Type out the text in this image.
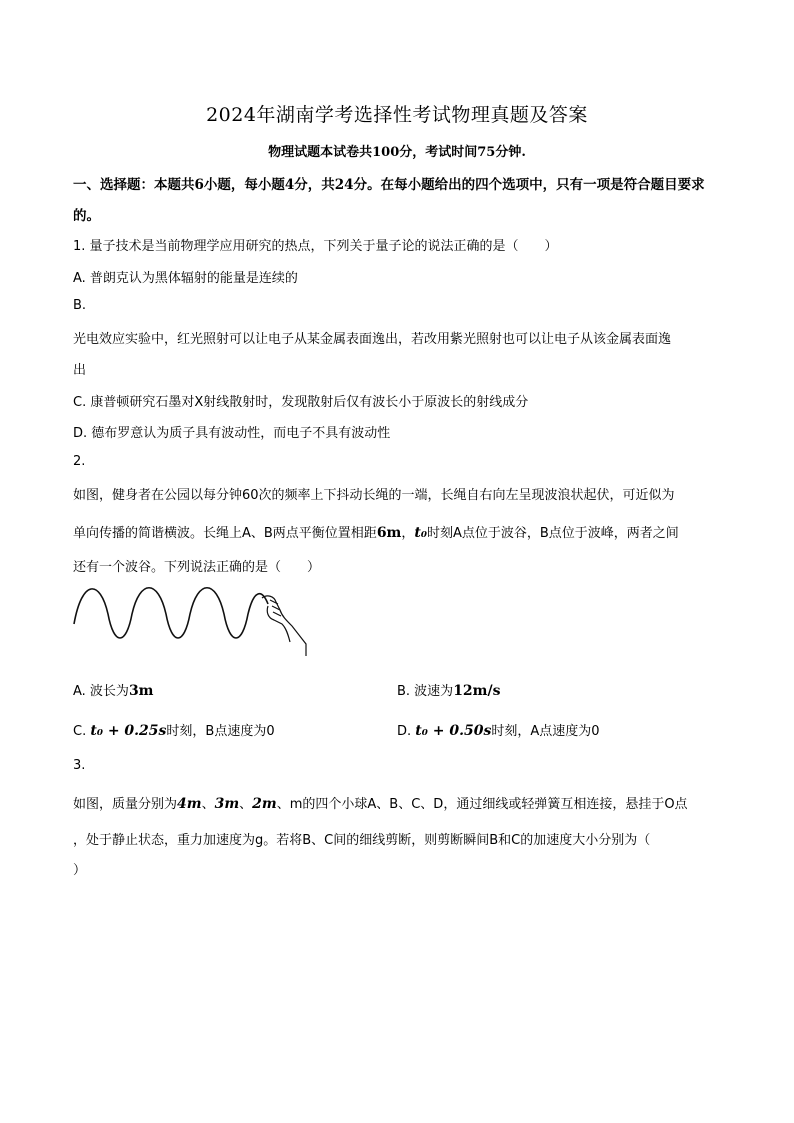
2024年湖南学考选择性考试物理真题及答案
物理试题本试卷共100分，考试时间75分钟.
一、选择题：本题共6小题，每小题4分，共24分。在每小题给出的四个选项中，只有一项是符合题目要求
的。
1. 量子技术是当前物理学应用研究的热点，下列关于量子论的说法正确的是（　　）
A. 普朗克认为黑体辐射的能量是连续的
B.
光电效应实验中，红光照射可以让电子从某金属表面逸出，若改用紫光照射也可以让电子从该金属表面逸
出
C. 康普顿研究石墨对X射线散射时，发现散射后仅有波长小于原波长的射线成分
D. 德布罗意认为质子具有波动性，而电子不具有波动性
2.
如图，健身者在公园以每分钟60次的频率上下抖动长绳的一端，长绳自右向左呈现波浪状起伏，可近似为
单向传播的简谐横波。长绳上A、B两点平衡位置相距6m，t₀时刻A点位于波谷，B点位于波峰，两者之间
还有一个波谷。下列说法正确的是（　　）
A. 波长为3m	B. 波速为12m/s
C. t₀ + 0.25s时刻，B点速度为0	D. t₀ + 0.50s时刻，A点速度为0
3.
如图，质量分别为4m、3m、2m、m的四个小球A、B、C、D，通过细线或轻弹簧互相连接，悬挂于O点
，处于静止状态，重力加速度为g。若将B、C间的细线剪断，则剪断瞬间B和C的加速度大小分别为（
）
